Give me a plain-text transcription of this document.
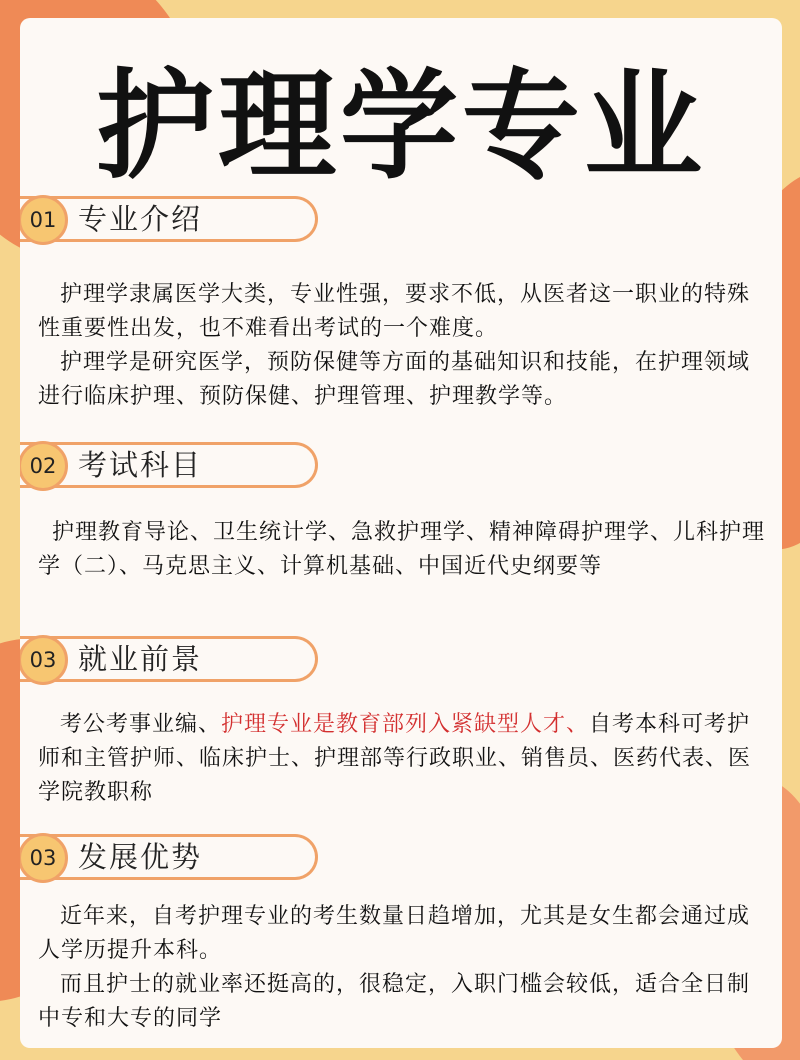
护理学专业
01 专业介绍
护理学隶属医学大类，专业性强，要求不低，从医者这一职业的特殊性重要性出发，也不难看出考试的一个难度。
护理学是研究医学，预防保健等方面的基础知识和技能，在护理领域进行临床护理、预防保健、护理管理、护理教学等。
02 考试科目
护理教育导论、卫生统计学、急救护理学、精神障碍护理学、儿科护理学（二）、马克思主义、计算机基础、中国近代史纲要等
03 就业前景
考公考事业编、护理专业是教育部列入紧缺型人才、自考本科可考护师和主管护师、临床护士、护理部等行政职业、销售员、医药代表、医学院教职称
03 发展优势
近年来，自考护理专业的考生数量日趋增加，尤其是女生都会通过成人学历提升本科。
而且护士的就业率还挺高的，很稳定，入职门槛会较低，适合全日制中专和大专的同学
